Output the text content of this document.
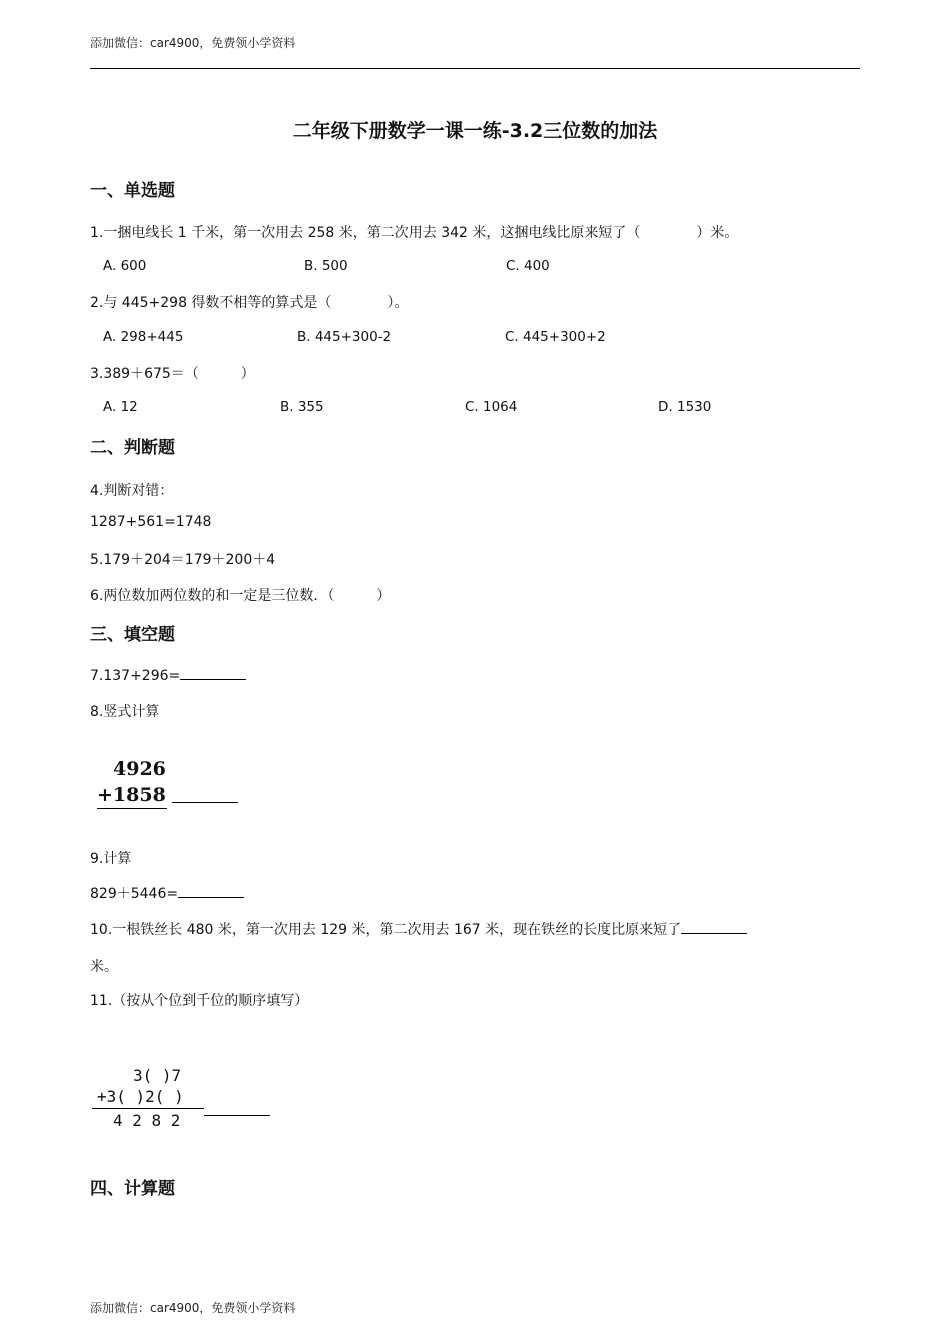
添加微信：car4900，免费领小学资料
二年级下册数学一课一练-3.2三位数的加法
一、单选题
1.一捆电线长 1 千米，第一次用去 258 米，第二次用去 342 米，这捆电线比原来短了（　　　　）米。
A. 600	B. 500	C. 400
2.与 445+298 得数不相等的算式是（　　　　）。
A. 298+445	B. 445+300-2	C. 445+300+2
3.389＋675＝（　　　）
A. 12	B. 355	C. 1064	D. 1530
二、判断题
4.判断对错：
1287+561=1748
5.179＋204＝179＋200＋4
6.两位数加两位数的和一定是三位数．（　　　）
三、填空题
7.137+296=
8.竖式计算
4926
+1858
9.计算
829＋5446=
10.一根铁丝长 480 米，第一次用去 129 米，第二次用去 167 米，现在铁丝的长度比原来短了
米。
11.（按从个位到千位的顺序填写）
3( )7
+3( )2( )
4 2 8 2
四、计算题
添加微信：car4900，免费领小学资料
